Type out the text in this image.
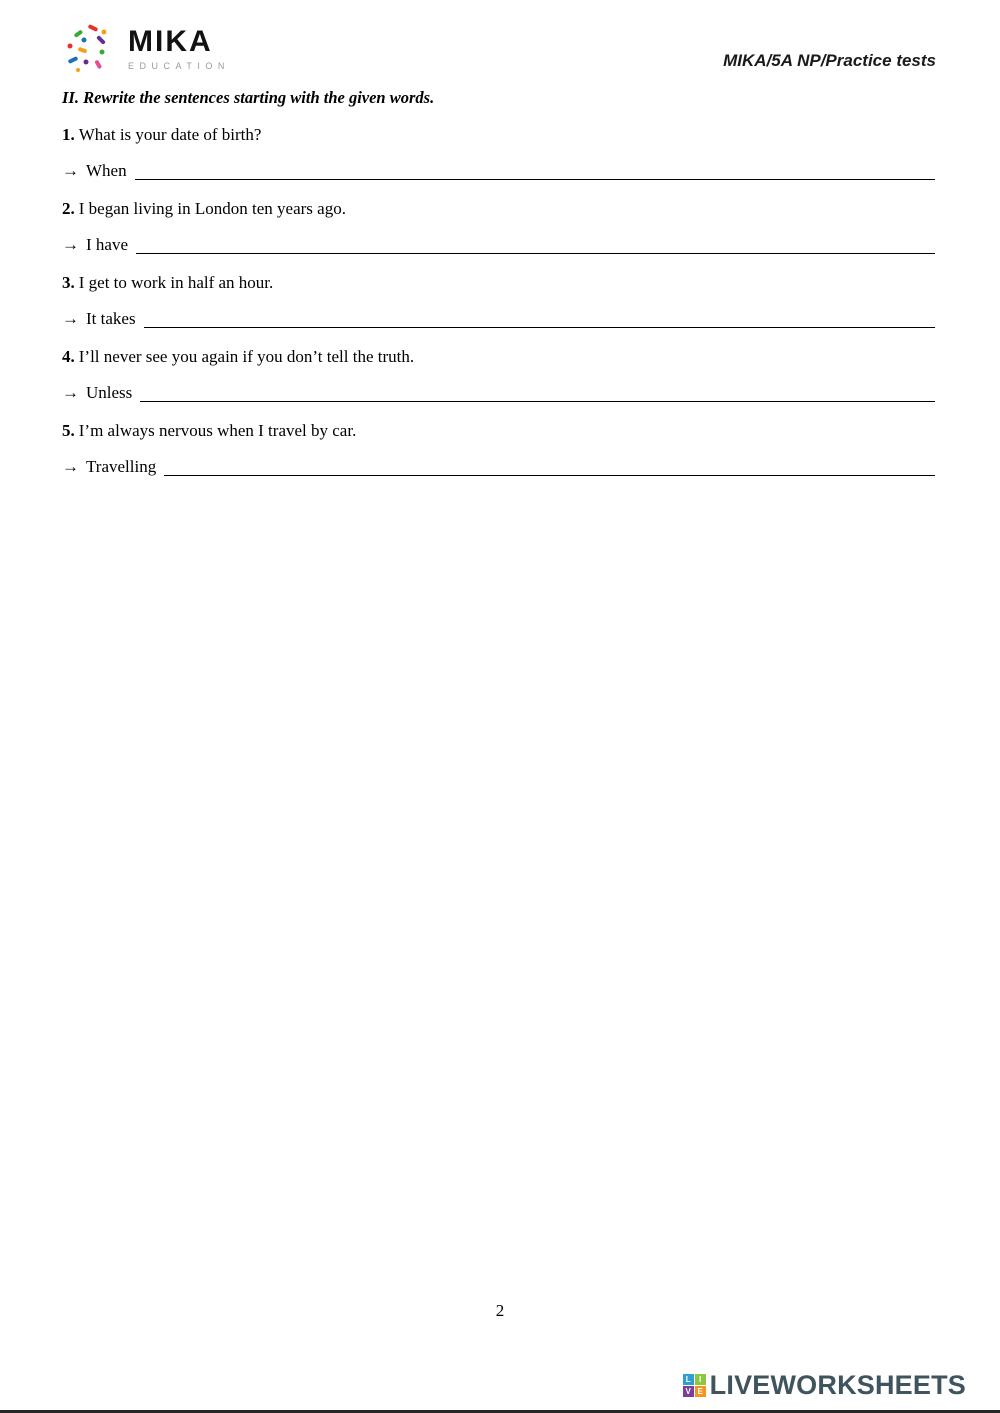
MIKA
EDUCATION	MIKA/5A NP/Practice tests

II. Rewrite the sentences starting with the given words.

1. What is your date of birth?

→ When

2. I began living in London ten years ago.

→ I have

3. I get to work in half an hour.

→ It takes

4. I’ll never see you again if you don’t tell the truth.

→ Unless

5. I’m always nervous when I travel by car.

→ Travelling

2
L	I
V E LIVEWORKSHEETS
